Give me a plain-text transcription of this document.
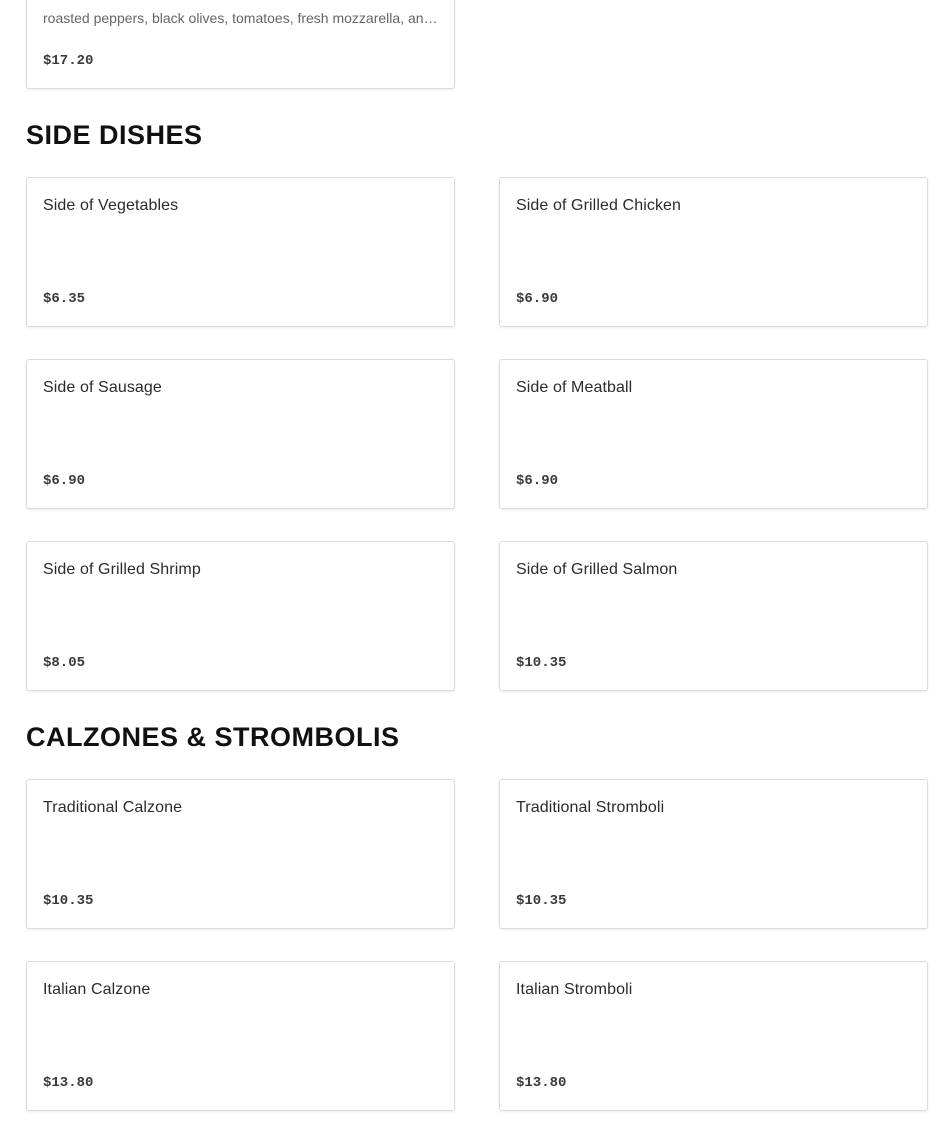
roasted peppers, black olives, tomatoes, fresh mozzarella, an…
$17.20
SIDE DISHES
Side of Vegetables
$6.35
Side of Grilled Chicken
$6.90
Side of Sausage
$6.90
Side of Meatball
$6.90
Side of Grilled Shrimp
$8.05
Side of Grilled Salmon
$10.35
CALZONES & STROMBOLIS
Traditional Calzone
$10.35
Traditional Stromboli
$10.35
Italian Calzone
$13.80
Italian Stromboli
$13.80
